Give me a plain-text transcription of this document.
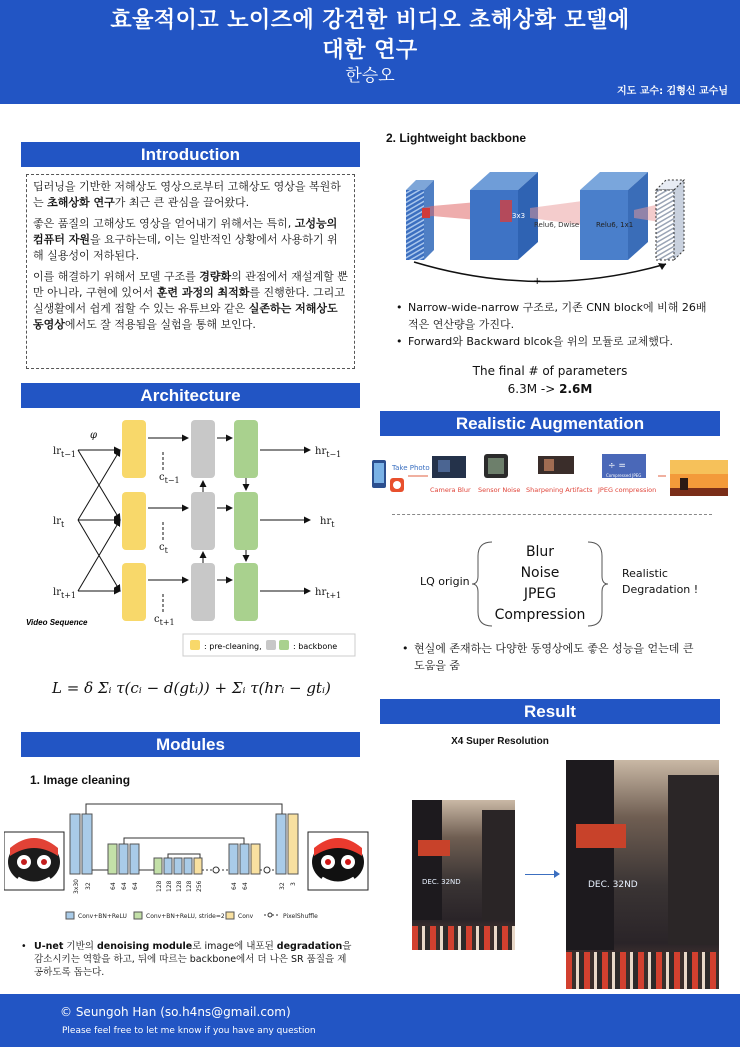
효율적이고 노이즈에 강건한 비디오 초해상화 모델에
대한 연구
한승오
지도 교수: 김형신 교수님
Introduction

딥러닝을 기반한 저해상도 영상으로부터 고해상도 영상을 복원하는 초해상화 연구가 최근 큰 관심을 끌어왔다.

좋은 품질의 고해상도 영상을 얻어내기 위해서는 특히, 고성능의 컴퓨터 자원을 요구하는데, 이는 일반적인 상황에서 사용하기 위해 실용성이 저하된다.

이를 해결하기 위해서 모델 구조를 경량화의 관점에서 재설계할 뿐만 아니라, 구현에 있어서 훈련 과정의 최적화를 진행한다. 그리고 실생활에서 쉽게 접할 수 있는 유튜브와 같은 실존하는 저해상도 동영상에서도 잘 적용됨을 실험을 통해 보인다.

Architecture
$lr_{t-1}$
$lr_t$
$lr_{t+1}$
φ
$c_{t-1}$
$c_t$
$c_{t+1}$
$hr_{t-1}$
$hr_t$
$hr_{t+1}$
Video Sequence
: pre-cleaning,	: backbone
L = δ Σᵢ τ(cᵢ − d(gtᵢ)) + Σᵢ τ(hrᵢ − gtᵢ)
Modules
1. Image cleaning
3x30 32	64 64 64	128 128 128 128 256	64 64	32 3
Conv+BN+ReLU	Conv+BN+ReLU, stride=2 Conv	PixelShuffle
• U-net 기반의 denoising module로 image에 내포된 degradation을 감소시키는 역할을 하고, 뒤에 따르는 backbone에서 더 나은 SR 품질을 제공하도록 돕는다.
2. Lightweight backbone
3x3
Relu6, Dwise Relu6, 1x1
+
• Narrow-wide-narrow 구조로, 기존 CNN block에 비해 26배 적은 연산량을 가진다.
• Forward와 Backward blcok을 위의 모듈로 교체했다.
The final # of parameters
6.3M -> 2.6M
Realistic Augmentation
Take Photo
Camera Blur Sensor Noise Sharpening Artifacts
÷ =
Compressed JPEG
JPEG compression
LQ origin
Blur
Noise
JPEG
Compression
Realistic
Degradation !
• 현실에 존재하는 다양한 동영상에도 좋은 성능을 얻는데 큰 도움을 줌
Result
X4 Super Resolution
DEC. 32ND	DEC. 32ND
© Seungoh Han (so.h4ns@gmail.com)
Please feel free to let me know if you have any question
